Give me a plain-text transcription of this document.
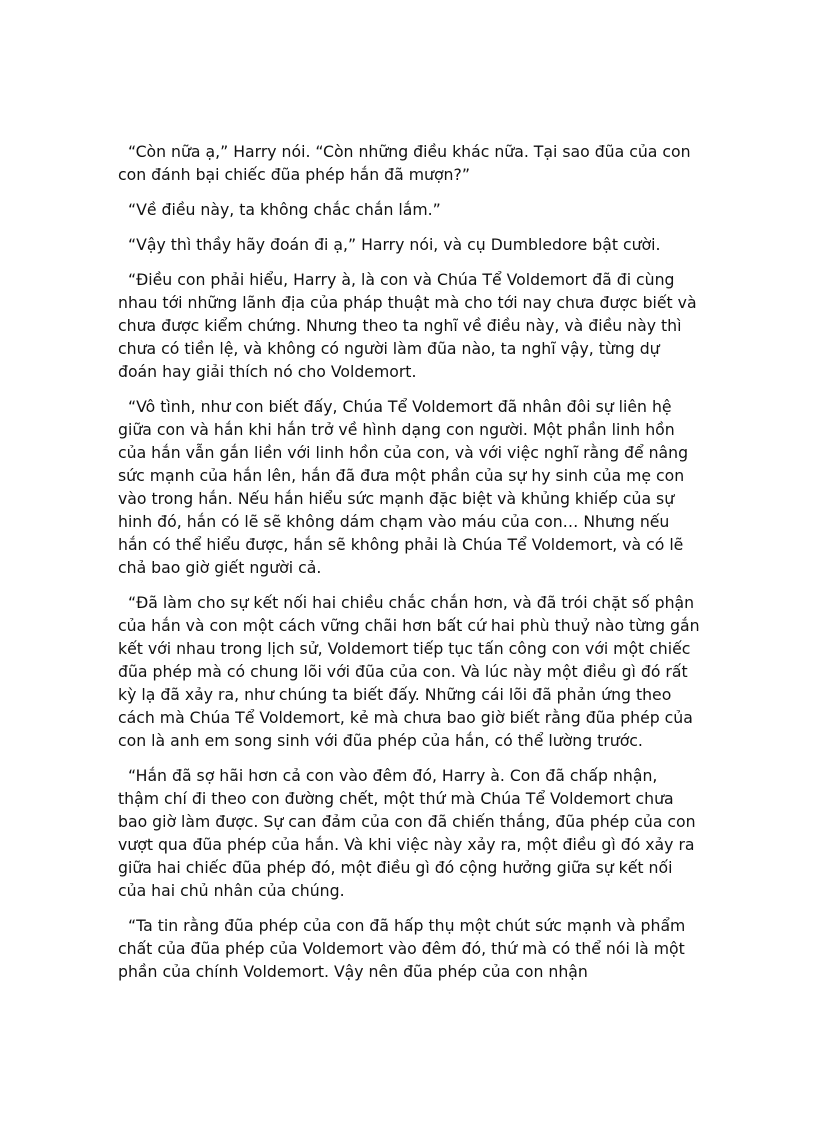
“Còn nữa ạ,” Harry nói. “Còn những điều khác nữa. Tại sao đũa của con con đánh bại chiếc đũa phép hắn đã mượn?”

“Về điều này, ta không chắc chắn lắm.”

“Vậy thì thầy hãy đoán đi ạ,” Harry nói, và cụ Dumbledore bật cười.

“Điều con phải hiểu, Harry à, là con và Chúa Tể Voldemort đã đi cùng nhau tới những lãnh địa của pháp thuật mà cho tới nay chưa được biết và chưa được kiểm chứng. Nhưng theo ta nghĩ về điều này, và điều này thì chưa có tiền lệ, và không có người làm đũa nào, ta nghĩ vậy, từng dự đoán hay giải thích nó cho Voldemort.

“Vô tình, như con biết đấy, Chúa Tể Voldemort đã nhân đôi sự liên hệ giữa con và hắn khi hắn trở về hình dạng con người. Một phần linh hồn của hắn vẫn gắn liền với linh hồn của con, và với việc nghĩ rằng để nâng sức mạnh của hắn lên, hắn đã đưa một phần của sự hy sinh của mẹ con vào trong hắn. Nếu hắn hiểu sức mạnh đặc biệt và khủng khiếp của sự hinh đó, hắn có lẽ sẽ không dám chạm vào máu của con… Nhưng nếu hắn có thể hiểu được, hắn sẽ không phải là Chúa Tể Voldemort, và có lẽ chả bao giờ giết người cả.

“Đã làm cho sự kết nối hai chiều chắc chắn hơn, và đã trói chặt số phận của hắn và con một cách vững chãi hơn bất cứ hai phù thuỷ nào từng gắn kết với nhau trong lịch sử, Voldemort tiếp tục tấn công con với một chiếc đũa phép mà có chung lõi với đũa của con. Và lúc này một điều gì đó rất kỳ lạ đã xảy ra, như chúng ta biết đấy. Những cái lõi đã phản ứng theo cách mà Chúa Tể Voldemort, kẻ mà chưa bao giờ biết rằng đũa phép của con là anh em song sinh với đũa phép của hắn, có thể lường trước.

“Hắn đã sợ hãi hơn cả con vào đêm đó, Harry à. Con đã chấp nhận, thậm chí đi theo con đường chết, một thứ mà Chúa Tể Voldemort chưa bao giờ làm được. Sự can đảm của con đã chiến thắng, đũa phép của con vượt qua đũa phép của hắn. Và khi việc này xảy ra, một điều gì đó xảy ra giữa hai chiếc đũa phép đó, một điều gì đó cộng hưởng giữa sự kết nối của hai chủ nhân của chúng.

“Ta tin rằng đũa phép của con đã hấp thụ một chút sức mạnh và phẩm chất của đũa phép của Voldemort vào đêm đó, thứ mà có thể nói là một phần của chính Voldemort. Vậy nên đũa phép của con nhận
